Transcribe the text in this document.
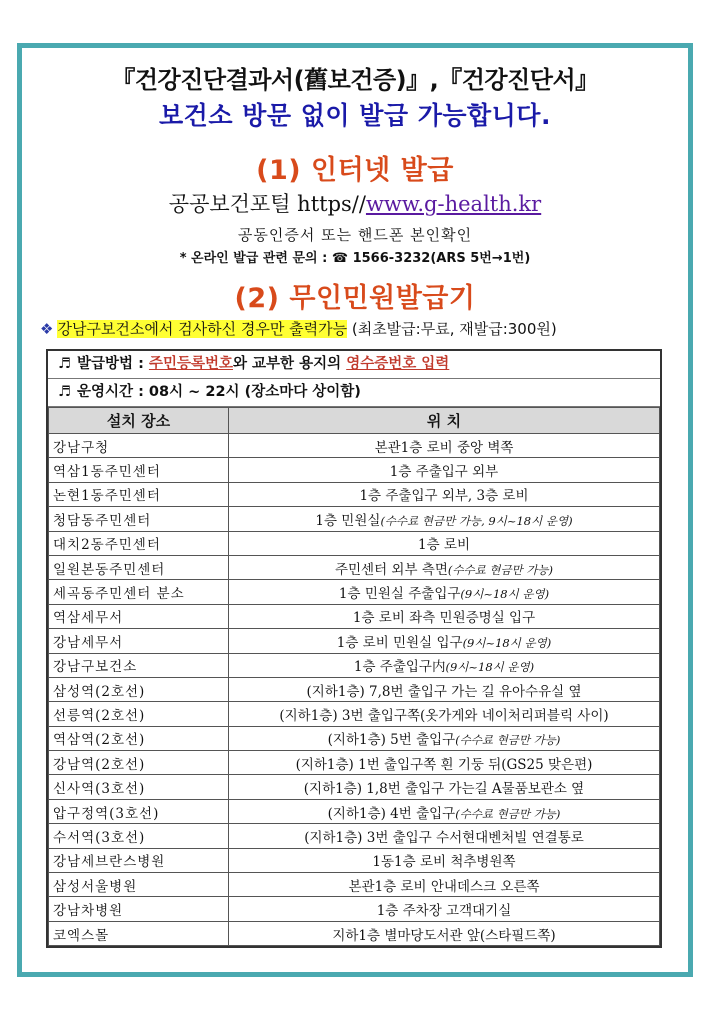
『건강진단결과서(舊보건증)』,『건강진단서』
보건소 방문 없이 발급 가능합니다.
(1) 인터넷 발급
공공보건포털 https//www.g-health.kr
공동인증서 또는 핸드폰 본인확인
* 온라인 발급 관련 문의 : ☎ 1566-3232(ARS 5번→1번)
(2) 무인민원발급기
❖ 강남구보건소에서 검사하신 경우만 출력가능 (최초발급:무료, 재발급:300원)
♬ 발급방법 : 주민등록번호와 교부한 용지의 영수증번호 입력
♬ 운영시간 : 08시 ~ 22시 (장소마다 상이함)
설치 장소	위 치
강남구청	본관1층 로비 중앙 벽쪽
역삼1동주민센터	1층 주출입구 외부
논현1동주민센터	1층 주출입구 외부, 3층 로비
청담동주민센터	1층 민원실(수수료 현금만 가능, 9시~18시 운영)
대치2동주민센터	1층 로비
일원본동주민센터	주민센터 외부 측면(수수료 현금만 가능)
세곡동주민센터 분소	1층 민원실 주출입구(9시~18시 운영)
역삼세무서	1층 로비 좌측 민원증명실 입구
강남세무서	1층 로비 민원실 입구(9시~18시 운영)
강남구보건소	1층 주출입구内(9시~18시 운영)
삼성역(2호선)	(지하1층) 7,8번 출입구 가는 길 유아수유실 옆
선릉역(2호선)	(지하1층) 3번 출입구쪽(옷가게와 네이처리퍼블릭 사이)
역삼역(2호선)	(지하1층) 5번 출입구(수수료 현금만 가능)
강남역(2호선)	(지하1층) 1번 출입구쪽 흰 기둥 뒤(GS25 맞은편)
신사역(3호선)	(지하1층) 1,8번 출입구 가는길 A물품보관소 옆
압구정역(3호선)	(지하1층) 4번 출입구(수수료 현금만 가능)
수서역(3호선)	(지하1층) 3번 출입구 수서현대벤처빌 연결통로
강남세브란스병원	1동1층 로비 척추병원쪽
삼성서울병원	본관1층 로비 안내데스크 오른쪽
강남차병원	1층 주차장 고객대기실
코엑스몰	지하1층 별마당도서관 앞(스타필드쪽)
